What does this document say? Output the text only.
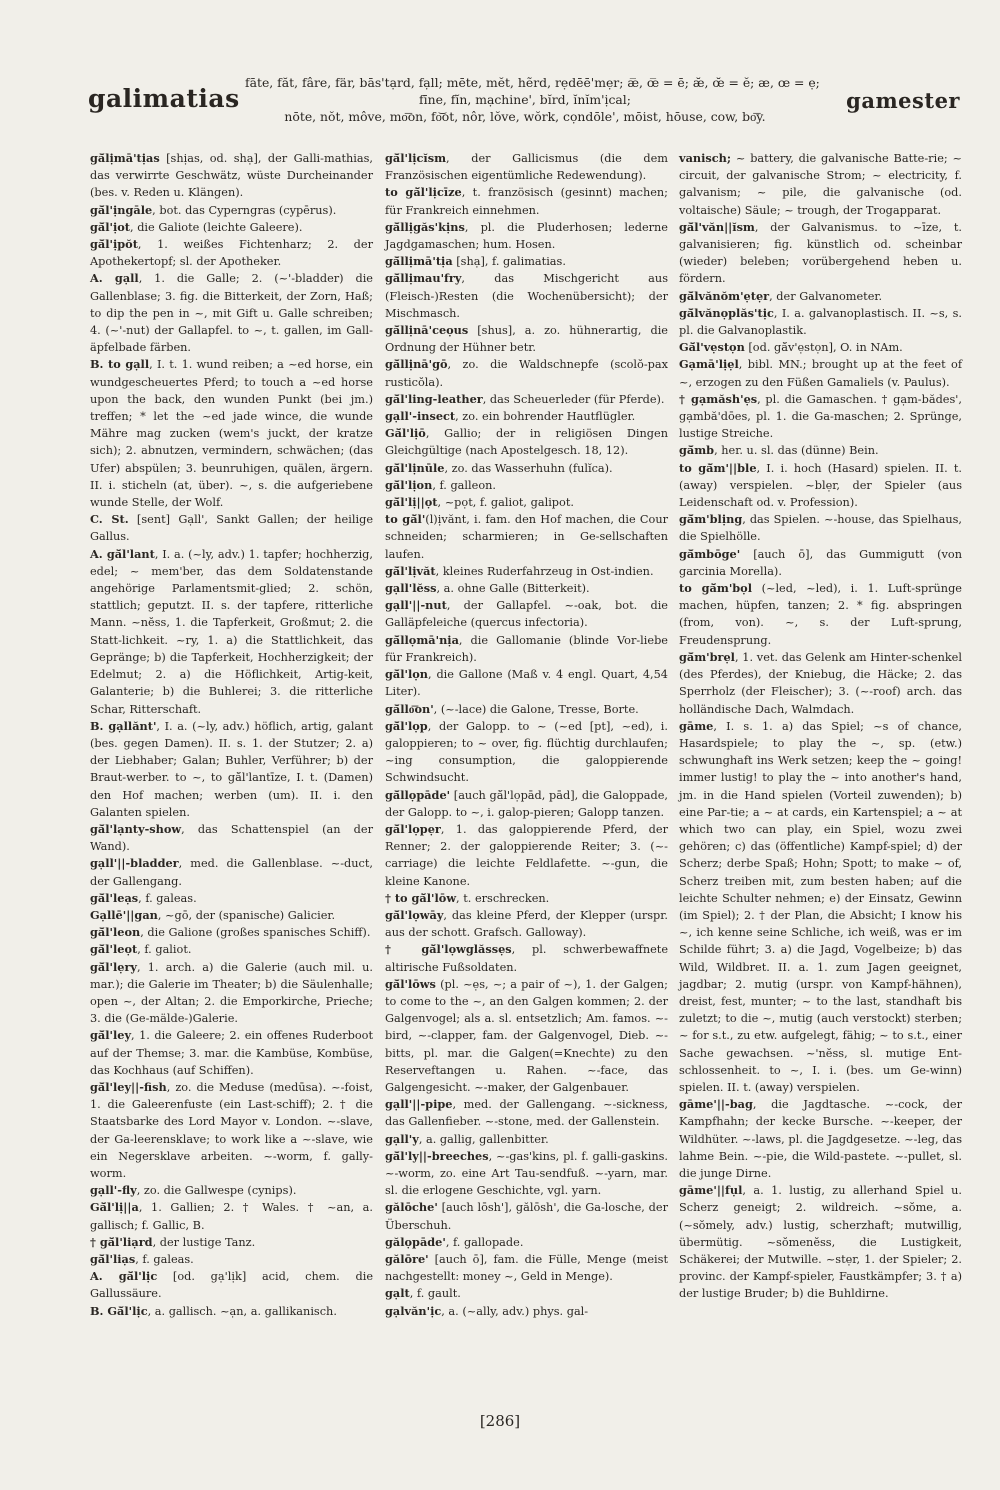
galimatias
fāte, făt, fâre, fär, bās'tạrd, fạll; mēte, mĕt, hẽrd, rẹdēē'mẹr; æ̅, œ̅ = ē; æ̆, œ̆ = ĕ; æ, œ = ẹ;
fīne, fĭn, mạchine', bĭrd, ĭnĭm'ịcal;
nōte, nŏt, môve, mo͞on, fo͝ot, nôr, lŏve, wŏrk, cọndōle', mōist, hōuse, cow, bo͞y.
gamester

gă̆lịmā'tịas [shịas, od. shạ], der Galli-mathias, das verwirrte Geschwätz, wüste Durcheinander (bes. v. Reden u. Klängen).

gă̆l'ịngāle, bot. das Cyperngras (cypērus).

gă̆l'ịot, die Galiote (leichte Galeere).

gă̆l'ịpŏt, 1. weißes Fichtenharz; 2. der Apothekertopf; sl. der Apotheker.

A. gạll, 1. die Galle; 2. (~'-bladder) die Gallenblase; 3. fig. die Bitterkeit, der Zorn, Haß; to dip the pen in ~, mit Gift u. Galle schreiben; 4. (~'-nut) der Gallapfel. to ~, t. gallen, im Gall-äpfelbade färben.

B. to gạll, I. t. 1. wund reiben; a ~ed horse, ein wundgescheuertes Pferd; to touch a ~ed horse upon the back, den wunden Punkt (bei jm.) treffen; * let the ~ed jade wince, die wunde Mähre mag zucken (wem's juckt, der kratze sich); 2. abnutzen, vermindern, schwächen; (das Ufer) abspülen; 3. beunruhigen, quälen, ärgern. II. i. sticheln (at, über). ~, s. die aufgeriebene wunde Stelle, der Wolf.

C. St. [sent] Gạll', Sankt Gallen; der heilige Gallus.

A. gă̆l'lant, I. a. (~ly, adv.) 1. tapfer; hochherzig, edel; ~ mem'ber, das dem Soldatenstande angehörige Parlamentsmit-glied; 2. schön, stattlich; geputzt. II. s. der tapfere, ritterliche Mann. ~nĕss, 1. die Tapferkeit, Großmut; 2. die Statt-lichkeit. ~ry, 1. a) die Stattlichkeit, das Gepränge; b) die Tapferkeit, Hochherzigkeit; der Edelmut; 2. a) die Höflichkeit, Artig-keit, Galanterie; b) die Buhlerei; 3. die ritterliche Schar, Ritterschaft.

B. gạllănt', I. a. (~ly, adv.) höflich, artig, galant (bes. gegen Damen). II. s. 1. der Stutzer; 2. a) der Liebhaber; Galan; Buhler, Verführer; b) der Braut-werber. to ~, to gă̆l'lantīze, I. t. (Damen) den Hof machen; werben (um). II. i. den Galanten spielen.

gă̆l'lạnty-show, das Schattenspiel (an der Wand).

gạll'||-bladder, med. die Gallenblase. ~-duct, der Gallengang.

gă̆l'leạs, f. galeas.

Gạllē'||gan, ~gō, der (spanische) Galicier.

gă̆l'leon, die Galione (großes spanisches Schiff).

gă̆l'leọt, f. galiot.

gă̆l'lẹry, 1. arch. a) die Galerie (auch mil. u. mar.); die Galerie im Theater; b) die Säulenhalle; open ~, der Altan; 2. die Emporkirche, Prieche; 3. die (Ge-mälde-)Galerie.

gă̆l'ley, 1. die Galeere; 2. ein offenes Ruderboot auf der Themse; 3. mar. die Kambüse, Kombüse, das Kochhaus (auf Schiffen).

gă̆l'ley||-fish, zo. die Meduse (medūsa). ~-foist, 1. die Galeerenfuste (ein Last-schiff); 2. † die Staatsbarke des Lord Mayor v. London. ~-slave, der Ga-leerensklave; to work like a ~-slave, wie ein Negersklave arbeiten. ~-worm, f. gally-worm.

gạll'-fly, zo. die Gallwespe (cynips).

Gă̆l'lị||a, 1. Gallien; 2. † Wales. † ~an, a. gallisch; f. Gallic, B.

† gă̆l'liạrd, der lustige Tanz.

gă̆l'liạs, f. galeas.

A. gă̆l'lịc [od. gạ'lịk] acid, chem. die Gallussäure.

B. Gă̆l'lịc, a. gallisch. ~ạn, a. gallikanisch.

gă̆l'lịcĭsm, der Gallicismus (die dem Französischen eigentümliche Redewendung).

to gă̆l'lịcīze, t. französisch (gesinnt) machen; für Frankreich einnehmen.

gă̆llịgăs'kịns, pl. die Pluderhosen; lederne Jagdgamaschen; hum. Hosen.

gă̆llịmā'tịa [shạ], f. galimatias.

gă̆llịmau'fry, das Mischgericht aus (Fleisch-)Resten (die Wochenübersicht); der Mischmasch.

gă̆llịnā'ceọus [shus], a. zo. hühnerartig, die Ordnung der Hühner betr.

gă̆llịnā'gō, zo. die Waldschnepfe (scolŏ-pax rusticŏla).

gă̆l'ling-leather, das Scheuerleder (für Pferde).

gạll'-insect, zo. ein bohrender Hautflügler.

Gă̆l'lịō, Gallio; der in religiösen Dingen Gleichgültige (nach Apostelgesch. 18, 12).

gă̆l'lịnūle, zo. das Wasserhuhn (fulĭca).

gă̆l'lịon, f. galleon.

gă̆l'lị||ọt, ~pọt, f. galiot, galipot.

to gă̆l'(l)ịvănt, i. fam. den Hof machen, die Cour schneiden; scharmieren; in Ge-sellschaften laufen.

gă̆l'lịvăt, kleines Ruderfahrzeug in Ost-indien.

gạll'lĕss, a. ohne Galle (Bitterkeit).

gạll'||-nut, der Gallapfel. ~-oak, bot. die Galläpfeleiche (quercus infectoria).

gă̆llọmā'nịa, die Gallomanie (blinde Vor-liebe für Frankreich).

gă̆l'lọn, die Gallone (Maß v. 4 engl. Quart, 4,54 Liter).

gă̆llo͞on', (~-lace) die Galone, Tresse, Borte.

gă̆l'lọp, der Galopp. to ~ (~ed [pt], ~ed), i. galoppieren; to ~ over, fig. flüchtig durchlaufen; ~ing consumption, die galoppierende Schwindsucht.

gă̆llọpāde' [auch gă̆l'lọpād, pād], die Galoppade, der Galopp. to ~, i. galop-pieren; Galopp tanzen.

gă̆l'lọpẹr, 1. das galoppierende Pferd, der Renner; 2. der galoppierende Reiter; 3. (~-carriage) die leichte Feldlafette. ~-gun, die kleine Kanone.

† to gă̆l'lōw, t. erschrecken.

gă̆l'lọwāy, das kleine Pferd, der Klepper (urspr. aus der schott. Grafsch. Galloway).

† gă̆l'lọwglăssẹs, pl. schwerbewaffnete altirische Fußsoldaten.

gă̆l'lōws (pl. ~ẹs, ~; a pair of ~), 1. der Galgen; to come to the ~, an den Galgen kommen; 2. der Galgenvogel; als a. sl. entsetzlich; Am. famos. ~-bird, ~-clapper, fam. der Galgenvogel, Dieb. ~-bitts, pl. mar. die Galgen(=Knechte) zu den Reserveftangen u. Rahen. ~-face, das Galgengesicht. ~-maker, der Galgenbauer.

gạll'||-pipe, med. der Gallengang. ~-sickness, das Gallenfieber. ~-stone, med. der Gallenstein.

gạll'y, a. gallig, gallenbitter.

gă̆l'ly||-breeches, ~-gas'kins, pl. f. galli-gaskins. ~-worm, zo. eine Art Tau-sendfuß. ~-yarn, mar. sl. die erlogene Geschichte, vgl. yarn.

gălōche' [auch lōsh'], gălōsh', die Ga-losche, der Überschuh.

gălọpāde', f. gallopade.

gălōre' [auch ō], fam. die Fülle, Menge (meist nachgestellt: money ~, Geld in Menge).

gạlt, f. gault.

gạlvăn'ịc, a. (~ally, adv.) phys. gal-

vanisch; ~ battery, die galvanische Batte-rie; ~ circuit, der galvanische Strom; ~ electricity, f. galvanism; ~ pile, die galvanische (od. voltaische) Säule; ~ trough, der Trogapparat.

gă̆l'văn||ĭsm, der Galvanismus. to ~īze, t. galvanisieren; fig. künstlich od. scheinbar (wieder) beleben; vorübergehend heben u. fördern.

gă̆lvănŏm'ẹtẹr, der Galvanometer.

gă̆lvănọplăs'tịc, I. a. galvanoplastisch. II. ~s, s. pl. die Galvanoplastik.

Gă̆l'vẹstọn [od. gă̆v'ẹstọn], O. in NAm.

Gạmā'lịẹl, bibl. MN.; brought up at the feet of ~, erzogen zu den Füßen Gamaliels (v. Paulus).

† gạmăsh'ẹs, pl. die Gamaschen. † gạm-bădes', gạmbă'dōes, pl. 1. die Ga-maschen; 2. Sprünge, lustige Streiche.

gă̆mb, her. u. sl. das (dünne) Bein.

to gă̆m'||ble, I. i. hoch (Hasard) spielen. II. t. (away) verspielen. ~blẹr, der Spieler (aus Leidenschaft od. v. Profession).

gă̆m'blịng, das Spielen. ~-house, das Spielhaus, die Spielhölle.

gă̆mbōge' [auch ō], das Gummigutt (von garcinia Morella).

to gă̆m'bọl (~led, ~led), i. 1. Luft-sprünge machen, hüpfen, tanzen; 2. * fig. abspringen (from, von). ~, s. der Luft-sprung, Freudensprung.

gă̆m'brẹl, 1. vet. das Gelenk am Hinter-schenkel (des Pferdes), der Kniebug, die Häcke; 2. das Sperrholz (der Fleischer); 3. (~-roof) arch. das holländische Dach, Walmdach.

gāme, I. s. 1. a) das Spiel; ~s of chance, Hasardspiele; to play the ~, sp. (etw.) schwunghaft ins Werk setzen; keep the ~ going! immer lustig! to play the ~ into another's hand, jm. in die Hand spielen (Vorteil zuwenden); b) eine Par-tie; a ~ at cards, ein Kartenspiel; a ~ at which two can play, ein Spiel, wozu zwei gehören; c) das (öffentliche) Kampf-spiel; d) der Scherz; derbe Spaß; Hohn; Spott; to make ~ of, Scherz treiben mit, zum besten haben; auf die leichte Schulter nehmen; e) der Einsatz, Gewinn (im Spiel); 2. † der Plan, die Absicht; I know his ~, ich kenne seine Schliche, ich weiß, was er im Schilde führt; 3. a) die Jagd, Vogelbeize; b) das Wild, Wildbret. II. a. 1. zum Jagen geeignet, jagdbar; 2. mutig (urspr. von Kampf-hähnen), dreist, fest, munter; ~ to the last, standhaft bis zuletzt; to die ~, mutig (auch verstockt) sterben; ~ for s.t., zu etw. aufgelegt, fähig; ~ to s.t., einer Sache gewachsen. ~'nĕss, sl. mutige Ent-schlossenheit. to ~, I. i. (bes. um Ge-winn) spielen. II. t. (away) verspielen.

gāme'||-bag, die Jagdtasche. ~-cock, der Kampfhahn; der kecke Bursche. ~-keeper, der Wildhüter. ~-laws, pl. die Jagdgesetze. ~-leg, das lahme Bein. ~-pie, die Wild-pastete. ~-pullet, sl. die junge Dirne.

gāme'||fụl, a. 1. lustig, zu allerhand Spiel u. Scherz geneigt; 2. wildreich. ~sŏme, a. (~sŏmely, adv.) lustig, scherzhaft; mutwillig, übermütig. ~sŏmenĕss, die Lustigkeit, Schäkerei; der Mutwille. ~stẹr, 1. der Spieler; 2. provinc. der Kampf-spieler, Faustkämpfer; 3. † a) der lustige Bruder; b) die Buhldirne.

[286]
